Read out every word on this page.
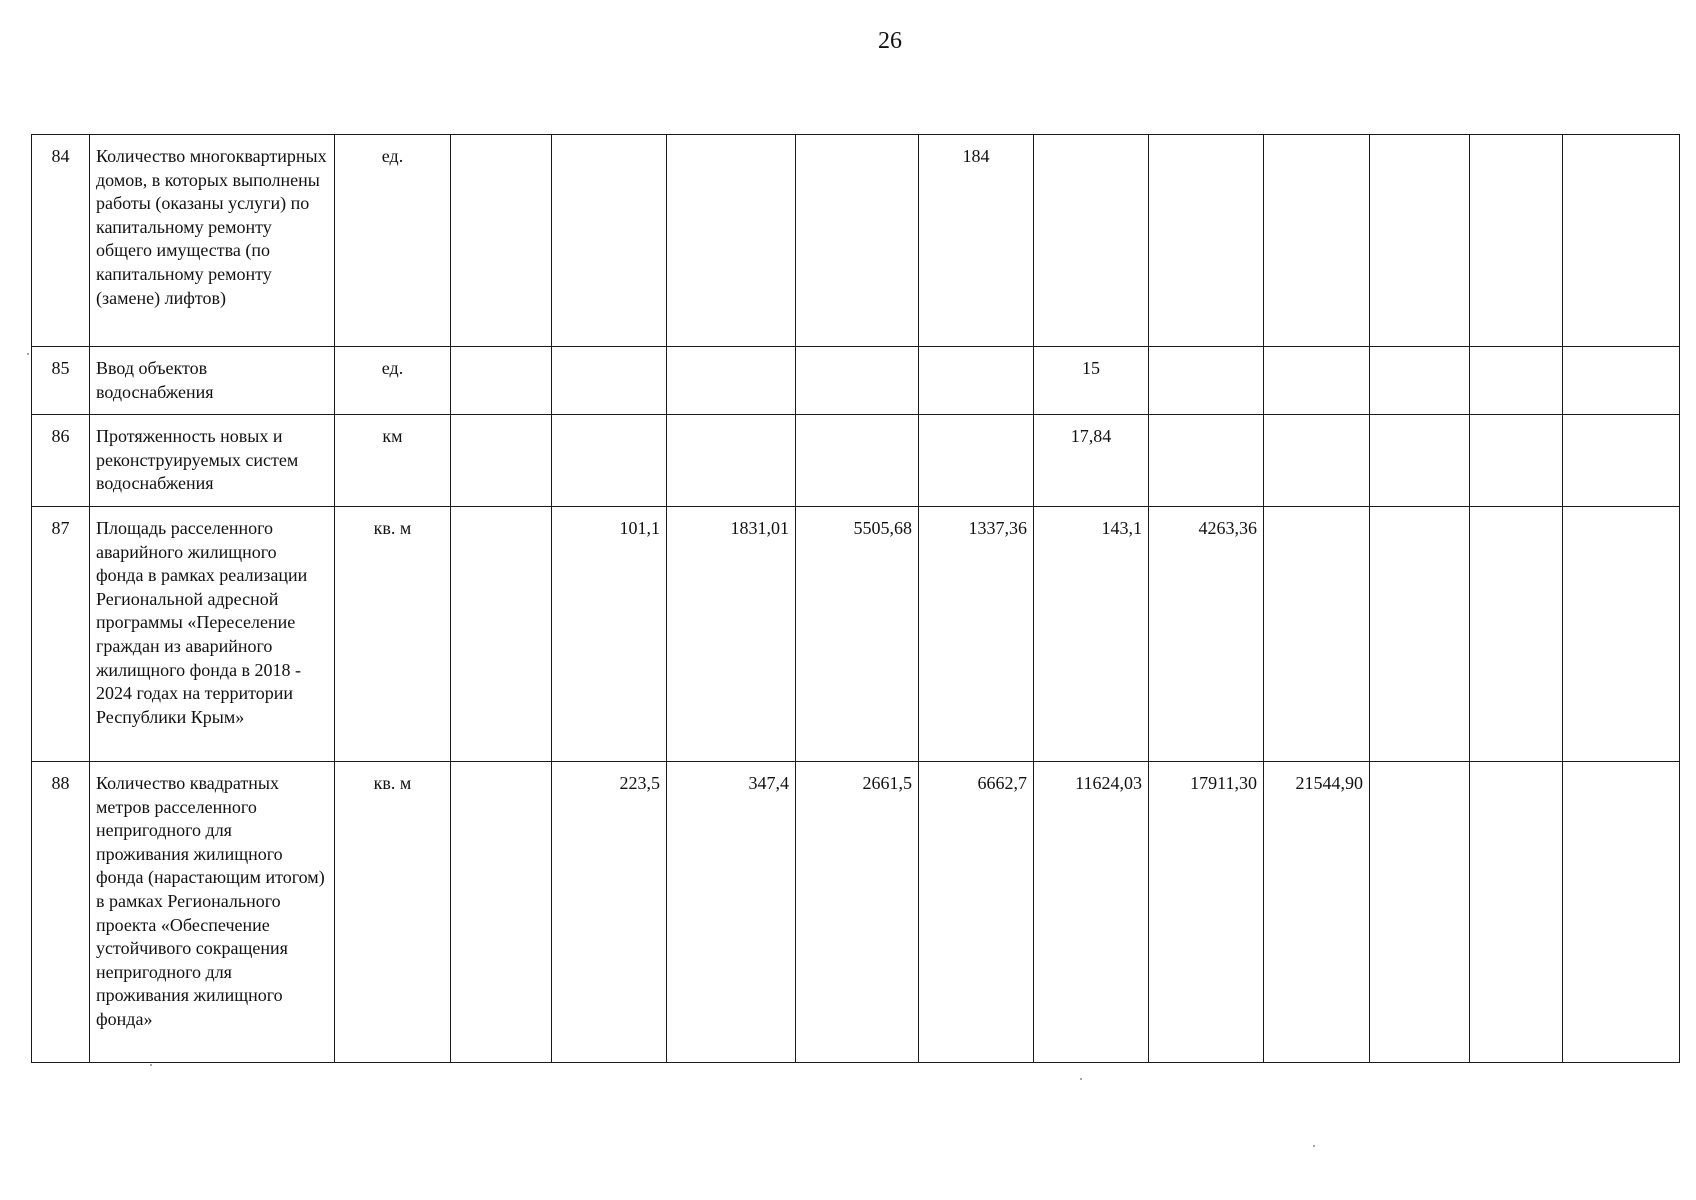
26
84	Количество многоквартирных домов, в которых выполнены работы (оказаны услуги) по капитальному ремонту общего имущества (по капитальному ремонту (замене) лифтов)	ед.					184						
85	Ввод объектов водоснабжения	ед.						15					
86	Протяженность новых и реконструируемых систем водоснабжения	км						17,84					
87	Площадь расселенного аварийного жилищного фонда в рамках реализации Региональной адресной программы «Переселение граждан из аварийного жилищного фонда в 2018 - 2024 годах на территории Республики Крым»	кв. м		101,1	1831,01	5505,68	1337,36	143,1	4263,36				
88	Количество квадратных метров расселенного непригодного для проживания жилищного фонда (нарастающим итогом) в рамках Регионального проекта «Обеспечение устойчивого сокращения непригодного для проживания жилищного фонда»	кв. м		223,5	347,4	2661,5	6662,7	11624,03	17911,30	21544,90			
